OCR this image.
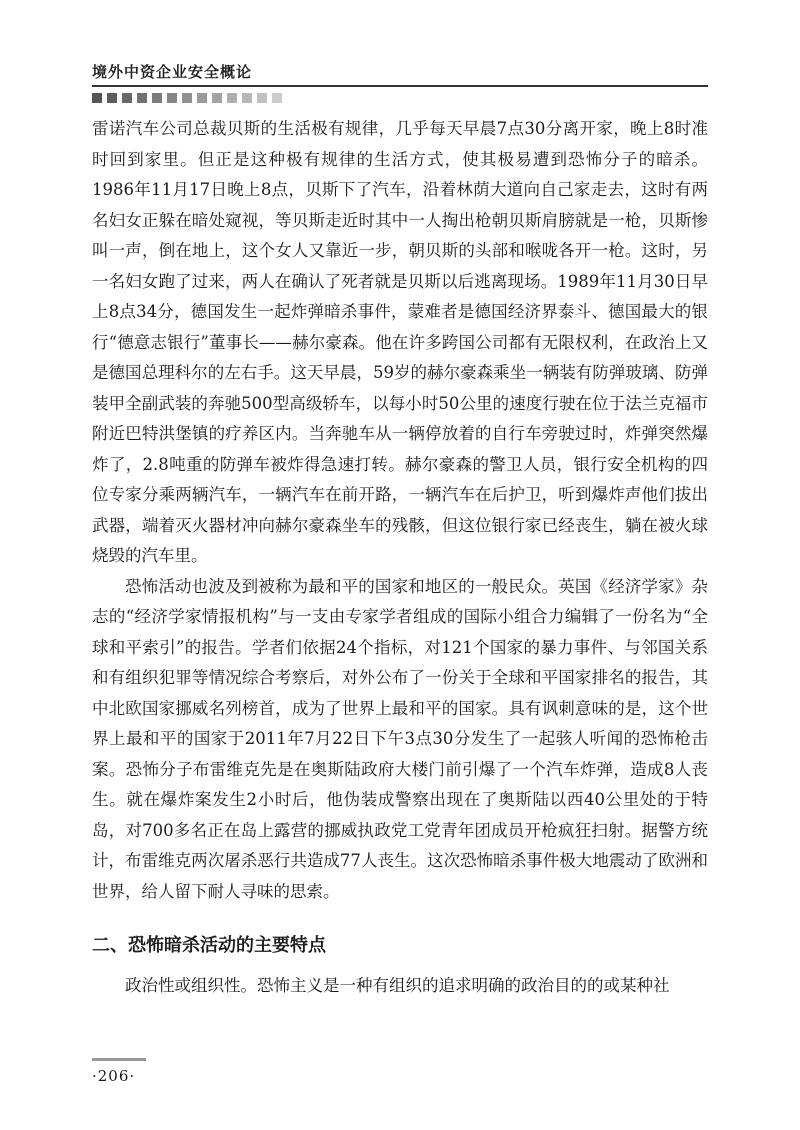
境外中资企业安全概论

雷诺汽车公司总裁贝斯的生活极有规律，几乎每天早晨7点30分离开家，晚上8时准时回到家里。但正是这种极有规律的生活方式，使其极易遭到恐怖分子的暗杀。1986年11月17日晚上8点，贝斯下了汽车，沿着林荫大道向自己家走去，这时有两名妇女正躲在暗处窥视，等贝斯走近时其中一人掏出枪朝贝斯肩膀就是一枪，贝斯惨叫一声，倒在地上，这个女人又靠近一步，朝贝斯的头部和喉咙各开一枪。这时，另一名妇女跑了过来，两人在确认了死者就是贝斯以后逃离现场。1989年11月30日早上8点34分，德国发生一起炸弹暗杀事件，蒙难者是德国经济界泰斗、德国最大的银行“德意志银行”董事长——赫尔豪森。他在许多跨国公司都有无限权利，在政治上又是德国总理科尔的左右手。这天早晨，59岁的赫尔豪森乘坐一辆装有防弹玻璃、防弹装甲全副武装的奔驰500型高级轿车，以每小时50公里的速度行驶在位于法兰克福市附近巴特洪堡镇的疗养区内。当奔驰车从一辆停放着的自行车旁驶过时，炸弹突然爆炸了，2.8吨重的防弹车被炸得急速打转。赫尔豪森的警卫人员，银行安全机构的四位专家分乘两辆汽车，一辆汽车在前开路，一辆汽车在后护卫，听到爆炸声他们拔出武器，端着灭火器材冲向赫尔豪森坐车的残骸，但这位银行家已经丧生，躺在被火球烧毁的汽车里。

恐怖活动也波及到被称为最和平的国家和地区的一般民众。英国《经济学家》杂志的“经济学家情报机构”与一支由专家学者组成的国际小组合力编辑了一份名为“全球和平索引”的报告。学者们依据24个指标，对121个国家的暴力事件、与邻国关系和有组织犯罪等情况综合考察后，对外公布了一份关于全球和平国家排名的报告，其中北欧国家挪威名列榜首，成为了世界上最和平的国家。具有讽刺意味的是，这个世界上最和平的国家于2011年7月22日下午3点30分发生了一起骇人听闻的恐怖枪击案。恐怖分子布雷维克先是在奥斯陆政府大楼门前引爆了一个汽车炸弹，造成8人丧生。就在爆炸案发生2小时后，他伪装成警察出现在了奥斯陆以西40公里处的于特岛，对700多名正在岛上露营的挪威执政党工党青年团成员开枪疯狂扫射。据警方统计，布雷维克两次屠杀恶行共造成77人丧生。这次恐怖暗杀事件极大地震动了欧洲和世界，给人留下耐人寻味的思索。

二、恐怖暗杀活动的主要特点

政治性或组织性。恐怖主义是一种有组织的追求明确的政治目的的或某种社

·206·
